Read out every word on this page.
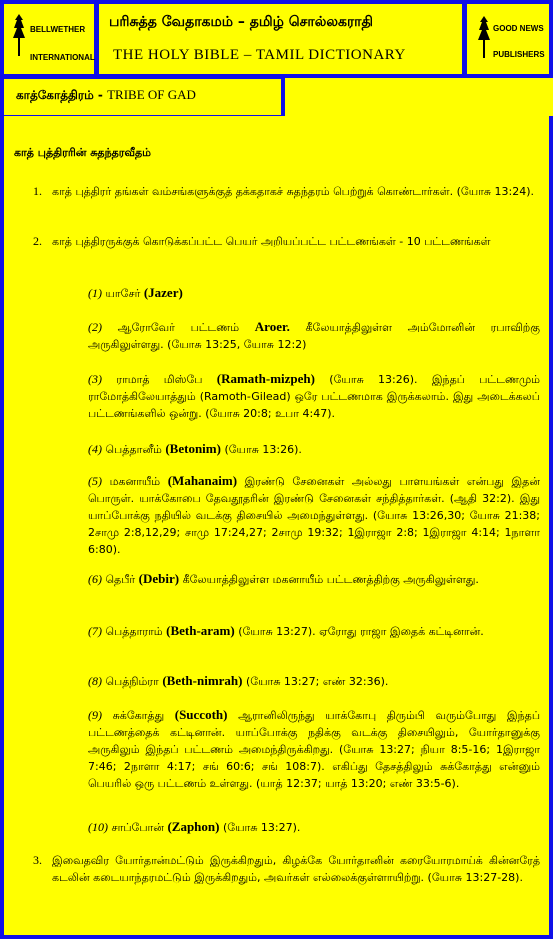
BELLWETHER
INTERNATIONAL
பரிசுத்த வேதாகமம் – தமிழ் சொல்லகராதி
THE HOLY BIBLE – TAMIL DICTIONARY
GOOD NEWS
PUBLISHERS
காத்கோத்திரம் - TRIBE OF GAD
காத் புத்திரரின் சுதந்தரவீதம்
1. காத் புத்திரர் தங்கள் வம்சங்களுக்குத் தக்கதாகச் சுதந்தரம் பெற்றுக் கொண்டார்கள். (யோசு 13:24).

2. காத் புத்திரருக்குக் கொடுக்கப்பட்ட பெயர் அறியப்பட்ட பட்டணங்கள் - 10 பட்டணங்கள்

(1) யாசேர் (Jazer)

(2) ஆரோவேர் பட்டணம் Aroer. கீலேயாத்திலுள்ள அம்மோனின் ரபாவிற்கு அருகிலுள்ளது. (யோசு 13:25, யோசு 12:2)

(3) ராமாத் மிஸ்பே (Ramath-mizpeh) (யோசு 13:26). இந்தப் பட்டணமும் ராமோத்கிலேயாத்தும் (Ramoth-Gilead) ஒரே பட்டணமாக இருக்கலாம். இது அடைக்கலப் பட்டணங்களில் ஒன்று. (யோசு 20:8; உபா 4:47).

(4) பெத்தானீம் (Betonim) (யோசு 13:26).

(5) மகனாயீம் (Mahanaim) இரண்டு சேனைகள் அல்லது பாளயங்கள் என்பது இதன் பொருள். யாக்கோபை தேவதூதரின் இரண்டு சேனைகள் சந்தித்தார்கள். (ஆதி 32:2). இது யாப்போக்கு நதியில் வடக்கு திசையில் அமைந்துள்ளது. (யோசு 13:26,30; யோசு 21:38; 2சாமு 2:8,12,29; சாமு 17:24,27; 2சாமு 19:32; 1இராஜா 2:8; 1இராஜா 4:14; 1நாளா 6:80).

(6) தெபீர் (Debir) கீலேயாத்திலுள்ள மகனாயீம் பட்டணத்திற்கு அருகிலுள்ளது.

(7) பெத்தாராம் (Beth-aram) (யோசு 13:27). ஏரோது ராஜா இதைக் கட்டினான்.

(8) பெத்நிம்ரா (Beth-nimrah) (யோசு 13:27; எண் 32:36).

(9) சுக்கோத்து (Succoth) ஆரானிலிருந்து யாக்கோபு திரும்பி வரும்போது இந்தப் பட்டணத்தைக் கட்டினான். யாப்போக்கு நதிக்கு வடக்கு திசையிலும், யோர்தானுக்கு அருகிலும் இந்தப் பட்டணம் அமைந்திருக்கிறது. (யோசு 13:27; நியா 8:5-16; 1இராஜா 7:46; 2நாளா 4:17; சங் 60:6; சங் 108:7). எகிப்து தேசத்திலும் சுக்கோத்து என்னும் பெயரில் ஒரு பட்டணம் உள்ளது. (யாத் 12:37; யாத் 13:20; எண் 33:5-6).

(10) சாப்போன் (Zaphon) (யோசு 13:27).

3. இவைதவிர யோர்தான்மட்டும் இருக்கிறதும், கிழக்கே யோர்தானின் கரையோரமாய்க் கின்னரேத் கடலின் கடையாந்தரமட்டும் இருக்கிறதும், அவர்கள் எல்லைக்குள்ளாயிற்று. (யோசு 13:27-28).
